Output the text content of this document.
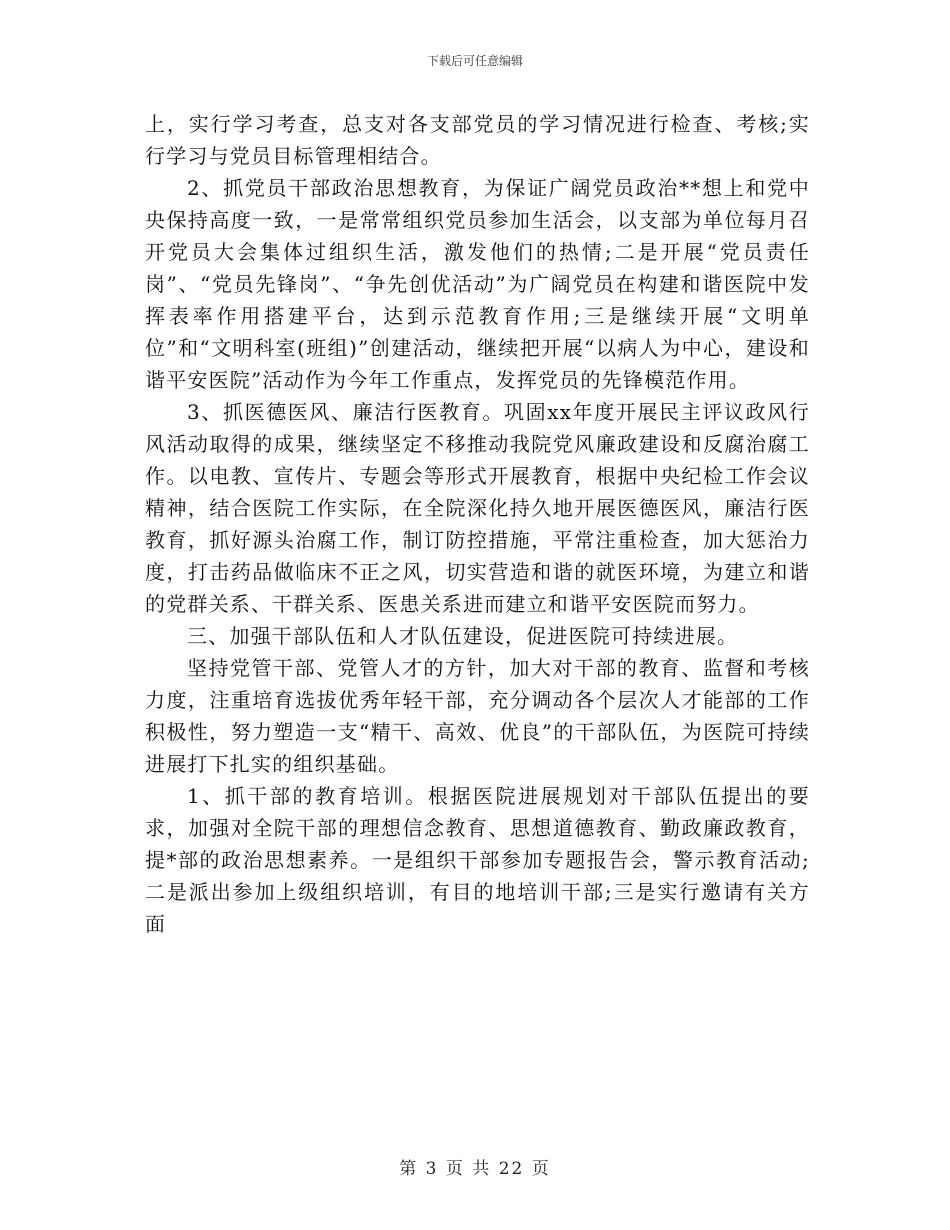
下载后可任意编辑

上，实行学习考查，总支对各支部党员的学习情况进行检查、考核;实行学习与党员目标管理相结合。

2、抓党员干部政治思想教育，为保证广阔党员政治**想上和党中央保持高度一致，一是常常组织党员参加生活会，以支部为单位每月召开党员大会集体过组织生活，激发他们的热情;二是开展“党员责任岗”、“党员先锋岗”、“争先创优活动”为广阔党员在构建和谐医院中发挥表率作用搭建平台，达到示范教育作用;三是继续开展“文明单位”和“文明科室(班组)”创建活动，继续把开展“以病人为中心，建设和谐平安医院”活动作为今年工作重点，发挥党员的先锋模范作用。

3、抓医德医风、廉洁行医教育。巩固xx年度开展民主评议政风行风活动取得的成果，继续坚定不移推动我院党风廉政建设和反腐治腐工作。以电教、宣传片、专题会等形式开展教育，根据中央纪检工作会议精神，结合医院工作实际，在全院深化持久地开展医德医风，廉洁行医教育，抓好源头治腐工作，制订防控措施，平常注重检查，加大惩治力度，打击药品做临床不正之风，切实营造和谐的就医环境，为建立和谐的党群关系、干群关系、医患关系进而建立和谐平安医院而努力。

三、加强干部队伍和人才队伍建设，促进医院可持续进展。

坚持党管干部、党管人才的方针，加大对干部的教育、监督和考核力度，注重培育选拔优秀年轻干部，充分调动各个层次人才能部的工作积极性，努力塑造一支“精干、高效、优良”的干部队伍，为医院可持续进展打下扎实的组织基础。

1、抓干部的教育培训。根据医院进展规划对干部队伍提出的要求，加强对全院干部的理想信念教育、思想道德教育、勤政廉政教育，提*部的政治思想素养。一是组织干部参加专题报告会，警示教育活动;二是派出参加上级组织培训，有目的地培训干部;三是实行邀请有关方面

第 3 页 共 22 页
